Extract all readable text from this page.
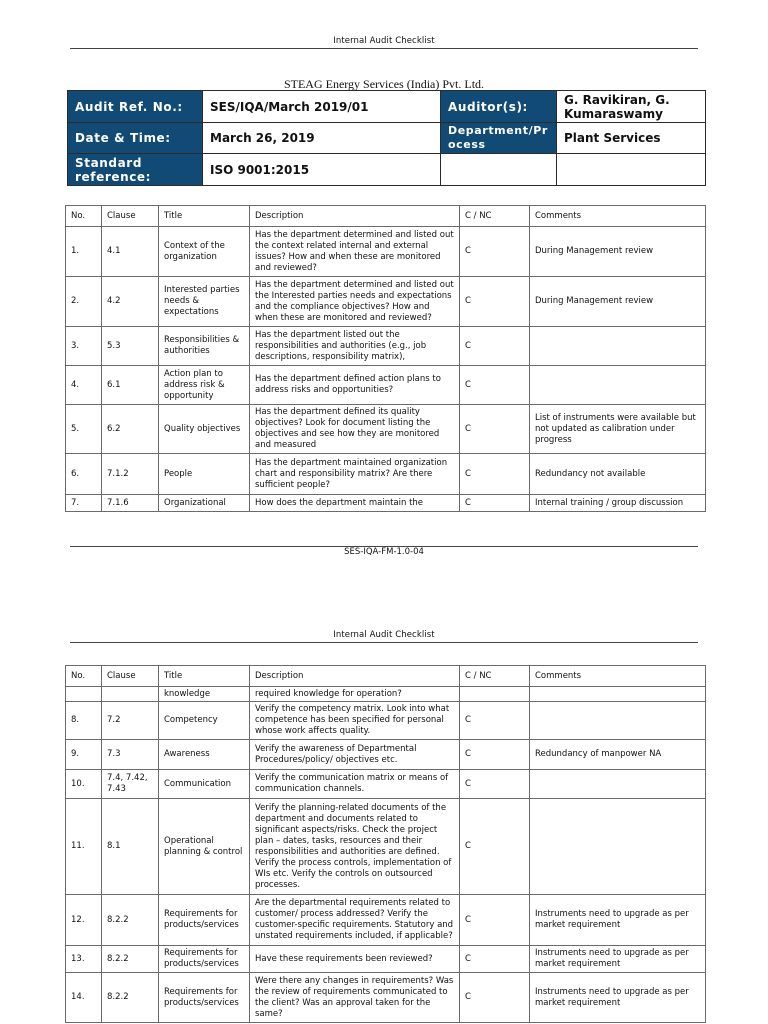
Internal Audit Checklist
STEAG Energy Services (India) Pvt. Ltd.
Audit Ref. No.:	SES/IQA/March 2019/01	Auditor(s):	G. Ravikiran, G. Kumaraswamy
Date & Time:	March 26, 2019	Department/Process	Plant Services
Standard reference:	ISO 9001:2015		
No.	Clause	Title	Description	C / NC	Comments
1.	4.1	Context of the organization	Has the department determined and listed out the context related internal and external issues? How and when these are monitored and reviewed?	C	During Management review
2.	4.2	Interested parties needs & expectations	Has the department determined and listed out the Interested parties needs and expectations and the compliance objectives? How and when these are monitored and reviewed?	C	During Management review
3.	5.3	Responsibilities & authorities	Has the department listed out the responsibilities and authorities (e.g., job descriptions, responsibility matrix),	C	
4.	6.1	Action plan to address risk & opportunity	Has the department defined action plans to address risks and opportunities?	C	
5.	6.2	Quality objectives	Has the department defined its quality objectives? Look for document listing the objectives and see how they are monitored and measured	C	List of instruments were available but not updated as calibration under progress
6.	7.1.2	People	Has the department maintained organization chart and responsibility matrix? Are there sufficient people?	C	Redundancy not available
7.	7.1.6	Organizational	How does the department maintain the	C	Internal training / group discussion
SES-IQA-FM-1.0-04
Internal Audit Checklist
No.	Clause	Title	Description	C / NC	Comments
		knowledge	required knowledge for operation?		
8.	7.2	Competency	Verify the competency matrix. Look into what competence has been specified for personal whose work affects quality.	C	
9.	7.3	Awareness	Verify the awareness of Departmental Procedures/policy/ objectives etc.	C	Redundancy of manpower NA
10.	7.4, 7.42, 7.43	Communication	Verify the communication matrix or means of communication channels.	C	
11.	8.1	Operational planning & control	Verify the planning-related documents of the department and documents related to significant aspects/risks. Check the project plan – dates, tasks, resources and their responsibilities and authorities are defined. Verify the process controls, implementation of WIs etc. Verify the controls on outsourced processes.	C	
12.	8.2.2	Requirements for products/services	Are the departmental requirements related to customer/ process addressed? Verify the customer-specific requirements. Statutory and unstated requirements included, if applicable?	C	Instruments need to upgrade as per market requirement
13.	8.2.2	Requirements for products/services	Have these requirements been reviewed?	C	Instruments need to upgrade as per market requirement
14.	8.2.2	Requirements for products/services	Were there any changes in requirements? Was the review of requirements communicated to the client? Was an approval taken for the same?	C	Instruments need to upgrade as per market requirement
